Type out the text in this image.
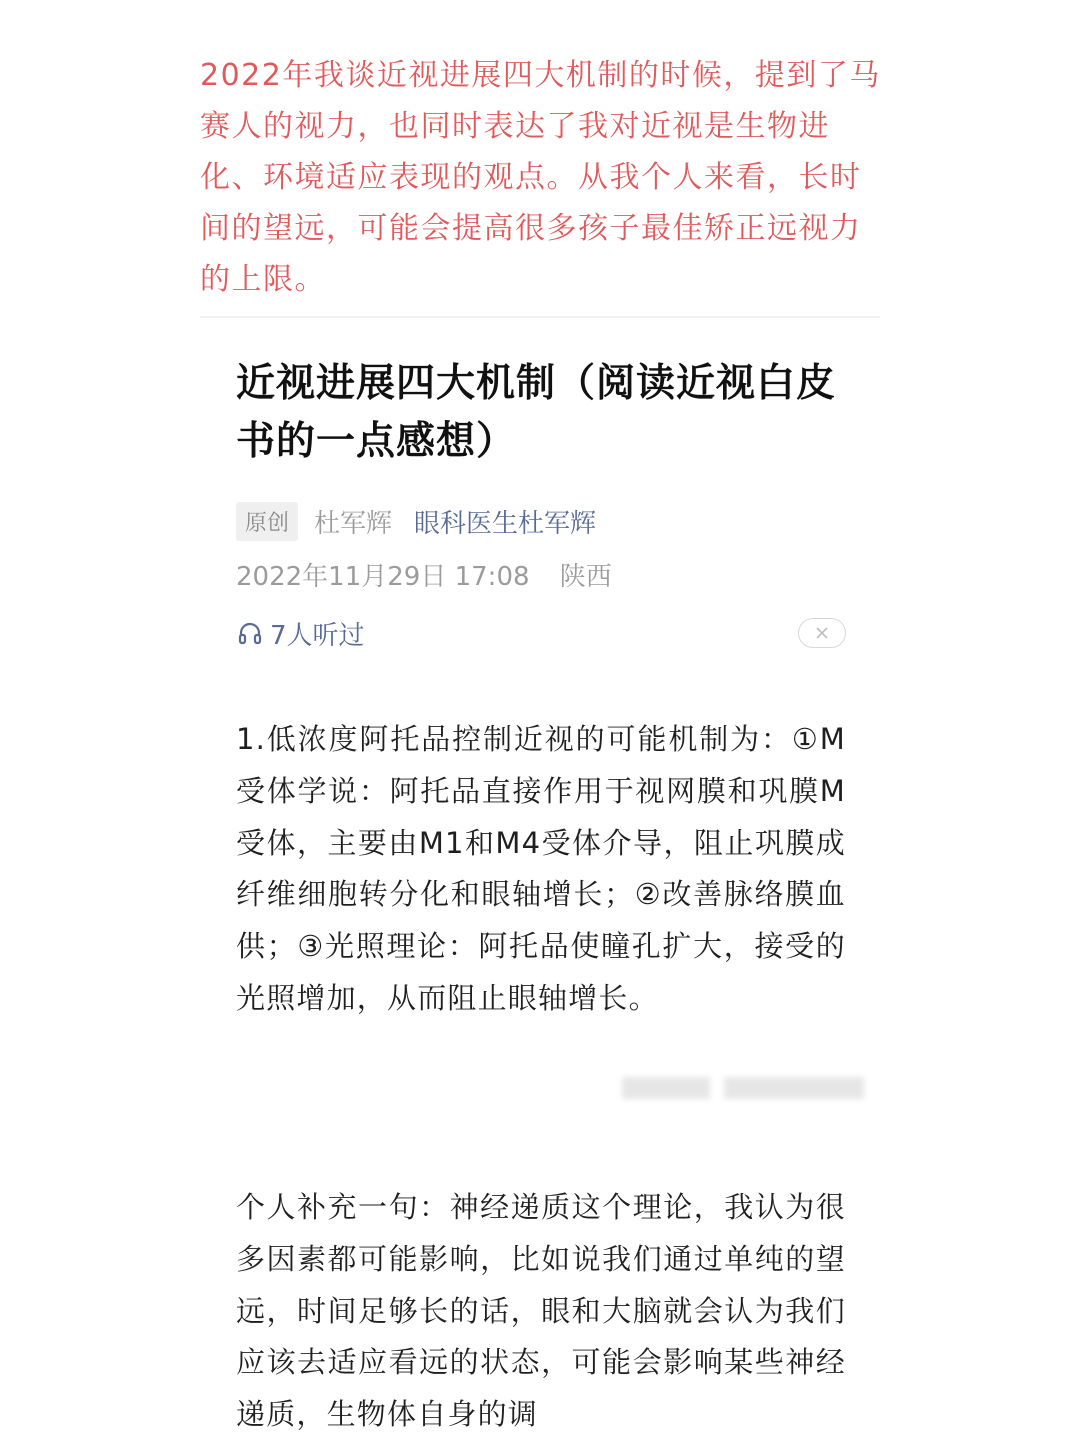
2022年我谈近视进展四大机制的时候，提到了马赛人的视力，也同时表达了我对近视是生物进化、环境适应表现的观点。从我个人来看，长时间的望远，可能会提高很多孩子最佳矫正远视力的上限。

近视进展四大机制（阅读近视白皮书的一点感想）
原创 杜军辉 眼科医生杜军辉
2022年11月29日 17:08 陕西
7人听过

1.低浓度阿托品控制近视的可能机制为：①M受体学说：阿托品直接作用于视网膜和巩膜M受体，主要由M1和M4受体介导，阻止巩膜成纤维细胞转分化和眼轴增长；②改善脉络膜血供；③光照理论：阿托品使瞳孔扩大，接受的光照增加，从而阻止眼轴增长。

个人补充一句：神经递质这个理论，我认为很多因素都可能影响，比如说我们通过单纯的望远，时间足够长的话，眼和大脑就会认为我们应该去适应看远的状态，可能会影响某些神经递质，生物体自身的调
